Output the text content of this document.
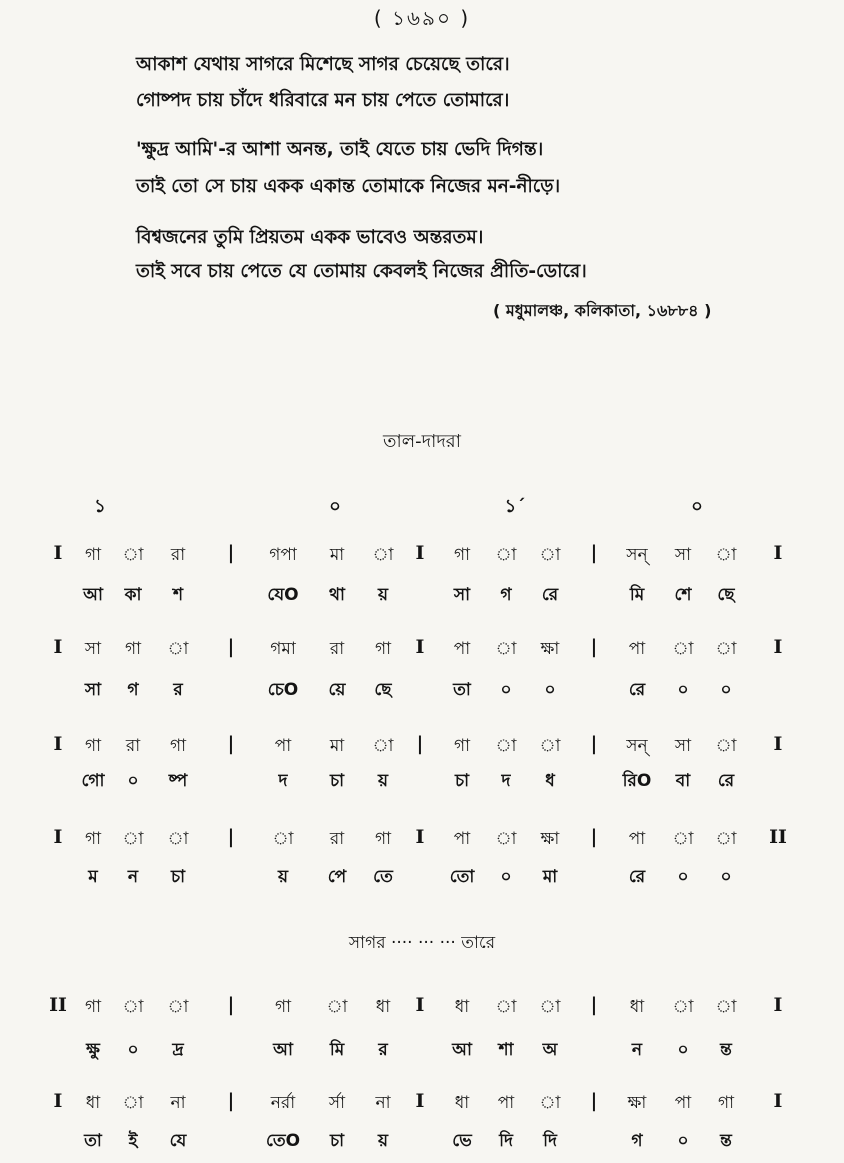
( ১৬৯০ )
আকাশ যেথায় সাগরে মিশেছে সাগর চেয়েছে তারে।
গোষ্পদ চায় চাঁদে ধরিবারে মন চায় পেতে তোমারে।
'ক্ষুদ্র আমি'-র আশা অনন্ত, তাই যেতে চায় ভেদি দিগন্ত।
তাই তো সে চায় একক একান্ত তোমাকে নিজের মন-নীড়ে।
বিশ্বজনের তুমি প্রিয়তম একক ভাবেও অন্তরতম।
তাই সবে চায় পেতে যে তোমায় কেবলই নিজের প্রীতি-ডোরে।
( মধুমালঞ্চ, কলিকাতা, ১৬৮৮৪ )
তাল-দাদরা
১	০	১´	০
সাগর ···· ··· ··· তারে
I	গা	া	রা	|	গপা	মা	া	I	গা	া	া	|	সন্	সা	া	I
আ	কা	শ	যেO	থা	য়	সা	গ	রে	মি	শে	ছে
I	সা	গা	া	|	গমা	রা	গা	I	পা	া	ক্ষা	|	পা	া	া	I
সা	গ	র	চেO	য়ে	ছে	তা	০	০	রে	০	০
I	গা	রা	গা	|	পা	মা	া	|	গা	া	া	|	সন্	সা	া	I
গো	০	ষ্প	দ	চা	য়	চা	দ	ধ	রিO	বা	রে
I	গা	া	া	|	া	রা	গা	I	পা	া	ক্ষা	|	পা	া	া	II
ম	ন	চা	য়	পে	তে	তো	০	মা	রে	০	০
II	গা	া	া	|	গা	া	ধা	I	ধা	া	া	|	ধা	া	া	I
ক্ষু	০	দ্র	আ	মি	র	আ	শা	অ	ন	০	ন্ত
I	ধা	া	না	|	নর্রা	র্সা	না	I	ধা	পা	া	|	ক্ষা	পা	গা	I
তা	ই	যে	তেO	চা	য়	ভে	দি	দি	গ	০	ন্ত
